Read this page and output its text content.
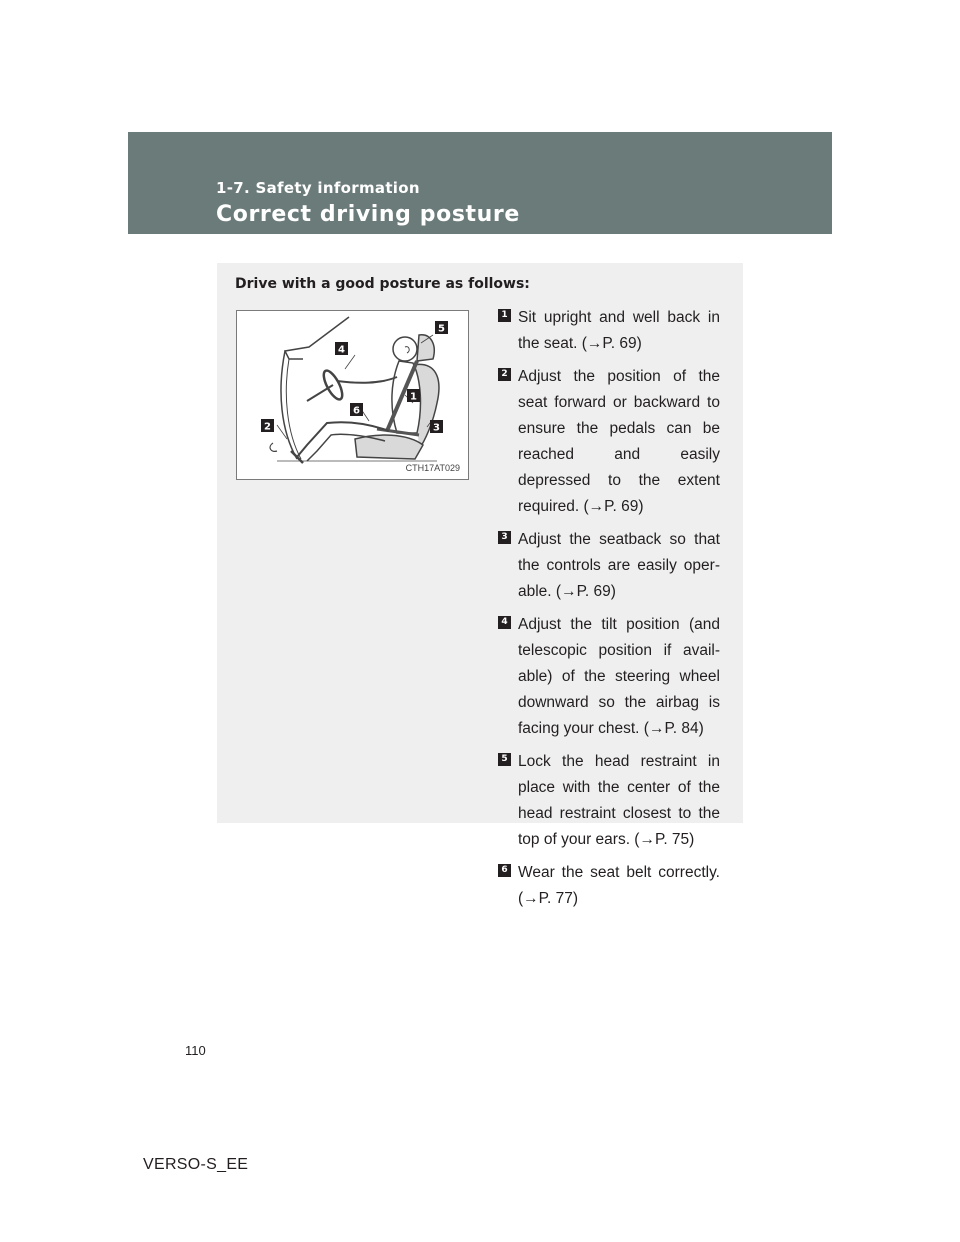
1-7. Safety information
Correct driving posture
Drive with a good posture as follows:
1
2	3
4
5
6
CTH17AT029
1 Sit upright and well back in the seat. (→P. 69)
2 Adjust the position of the seat forward or backward to ensure the pedals can be reached and easily depressed to the extent required. (→P. 69)
3 Adjust the seatback so that the controls are easily oper-able. (→P. 69)
4 Adjust the tilt position (and telescopic position if avail-able) of the steering wheel downward so the airbag is facing your chest. (→P. 84)
5 Lock the head restraint in place with the center of the head restraint closest to the top of your ears. (→P. 75)
6 Wear the seat belt correctly. (→P. 77)
110
VERSO-S_EE
